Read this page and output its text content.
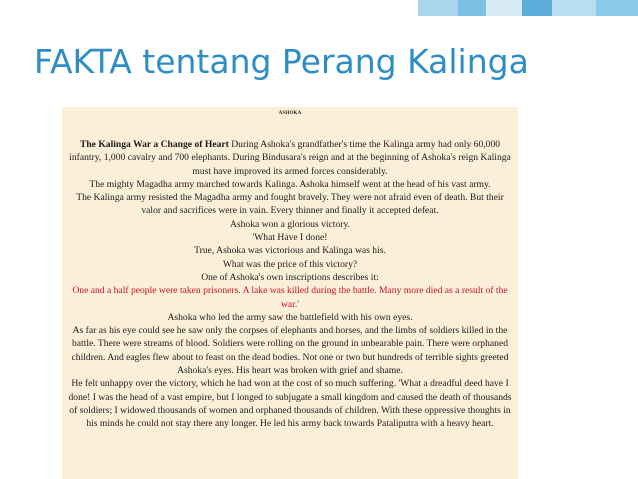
FAKTA tentang Perang Kalinga
ASHOKA

The Kalinga War a Change of Heart During Ashoka's grandfather's time the Kalinga army had only 60,000 infantry, 1,000 cavalry and 700 elephants. During Bindusara's reign and at the beginning of Ashoka's reign Kalinga must have improved its armed forces considerably.

The mighty Magadha army marched towards Kalinga. Ashoka himself went at the head of his vast army.

The Kalinga army resisted the Magadha army and fought bravely. They were not afraid even of death. But their valor and sacrifices were in vain. Every thinner and finally it accepted defeat.

Ashoka won a glorious victory.

'What Have I done!

True, Ashoka was victorious and Kalinga was his.

What was the price of this victory?

One of Ashoka's own inscriptions describes it:

One and a half people were taken prisoners. A lake was killed during the battle. Many more died as a result of the war.'

Ashoka who led the army saw the battlefield with his own eyes.

As far as his eye could see he saw only the corpses of elephants and horses, and the limbs of soldiers killed in the battle. There were streams of blood. Soldiers were rolling on the ground in unbearable pain. There were orphaned children. And eagles flew about to feast on the dead bodies. Not one or two but hundreds of terrible sights greeted Ashoka's eyes. His heart was broken with grief and shame.

He felt unhappy over the victory, which he had won at the cost of so much suffering. 'What a dreadful deed have I done! I was the head of a vast empire, but I longed to subjugate a small kingdom and caused the death of thousands of soldiers; I widowed thousands of women and orphaned thousands of children. With these oppressive thoughts in his minds he could not stay there any longer. He led his army back towards Pataliputra with a heavy heart.
